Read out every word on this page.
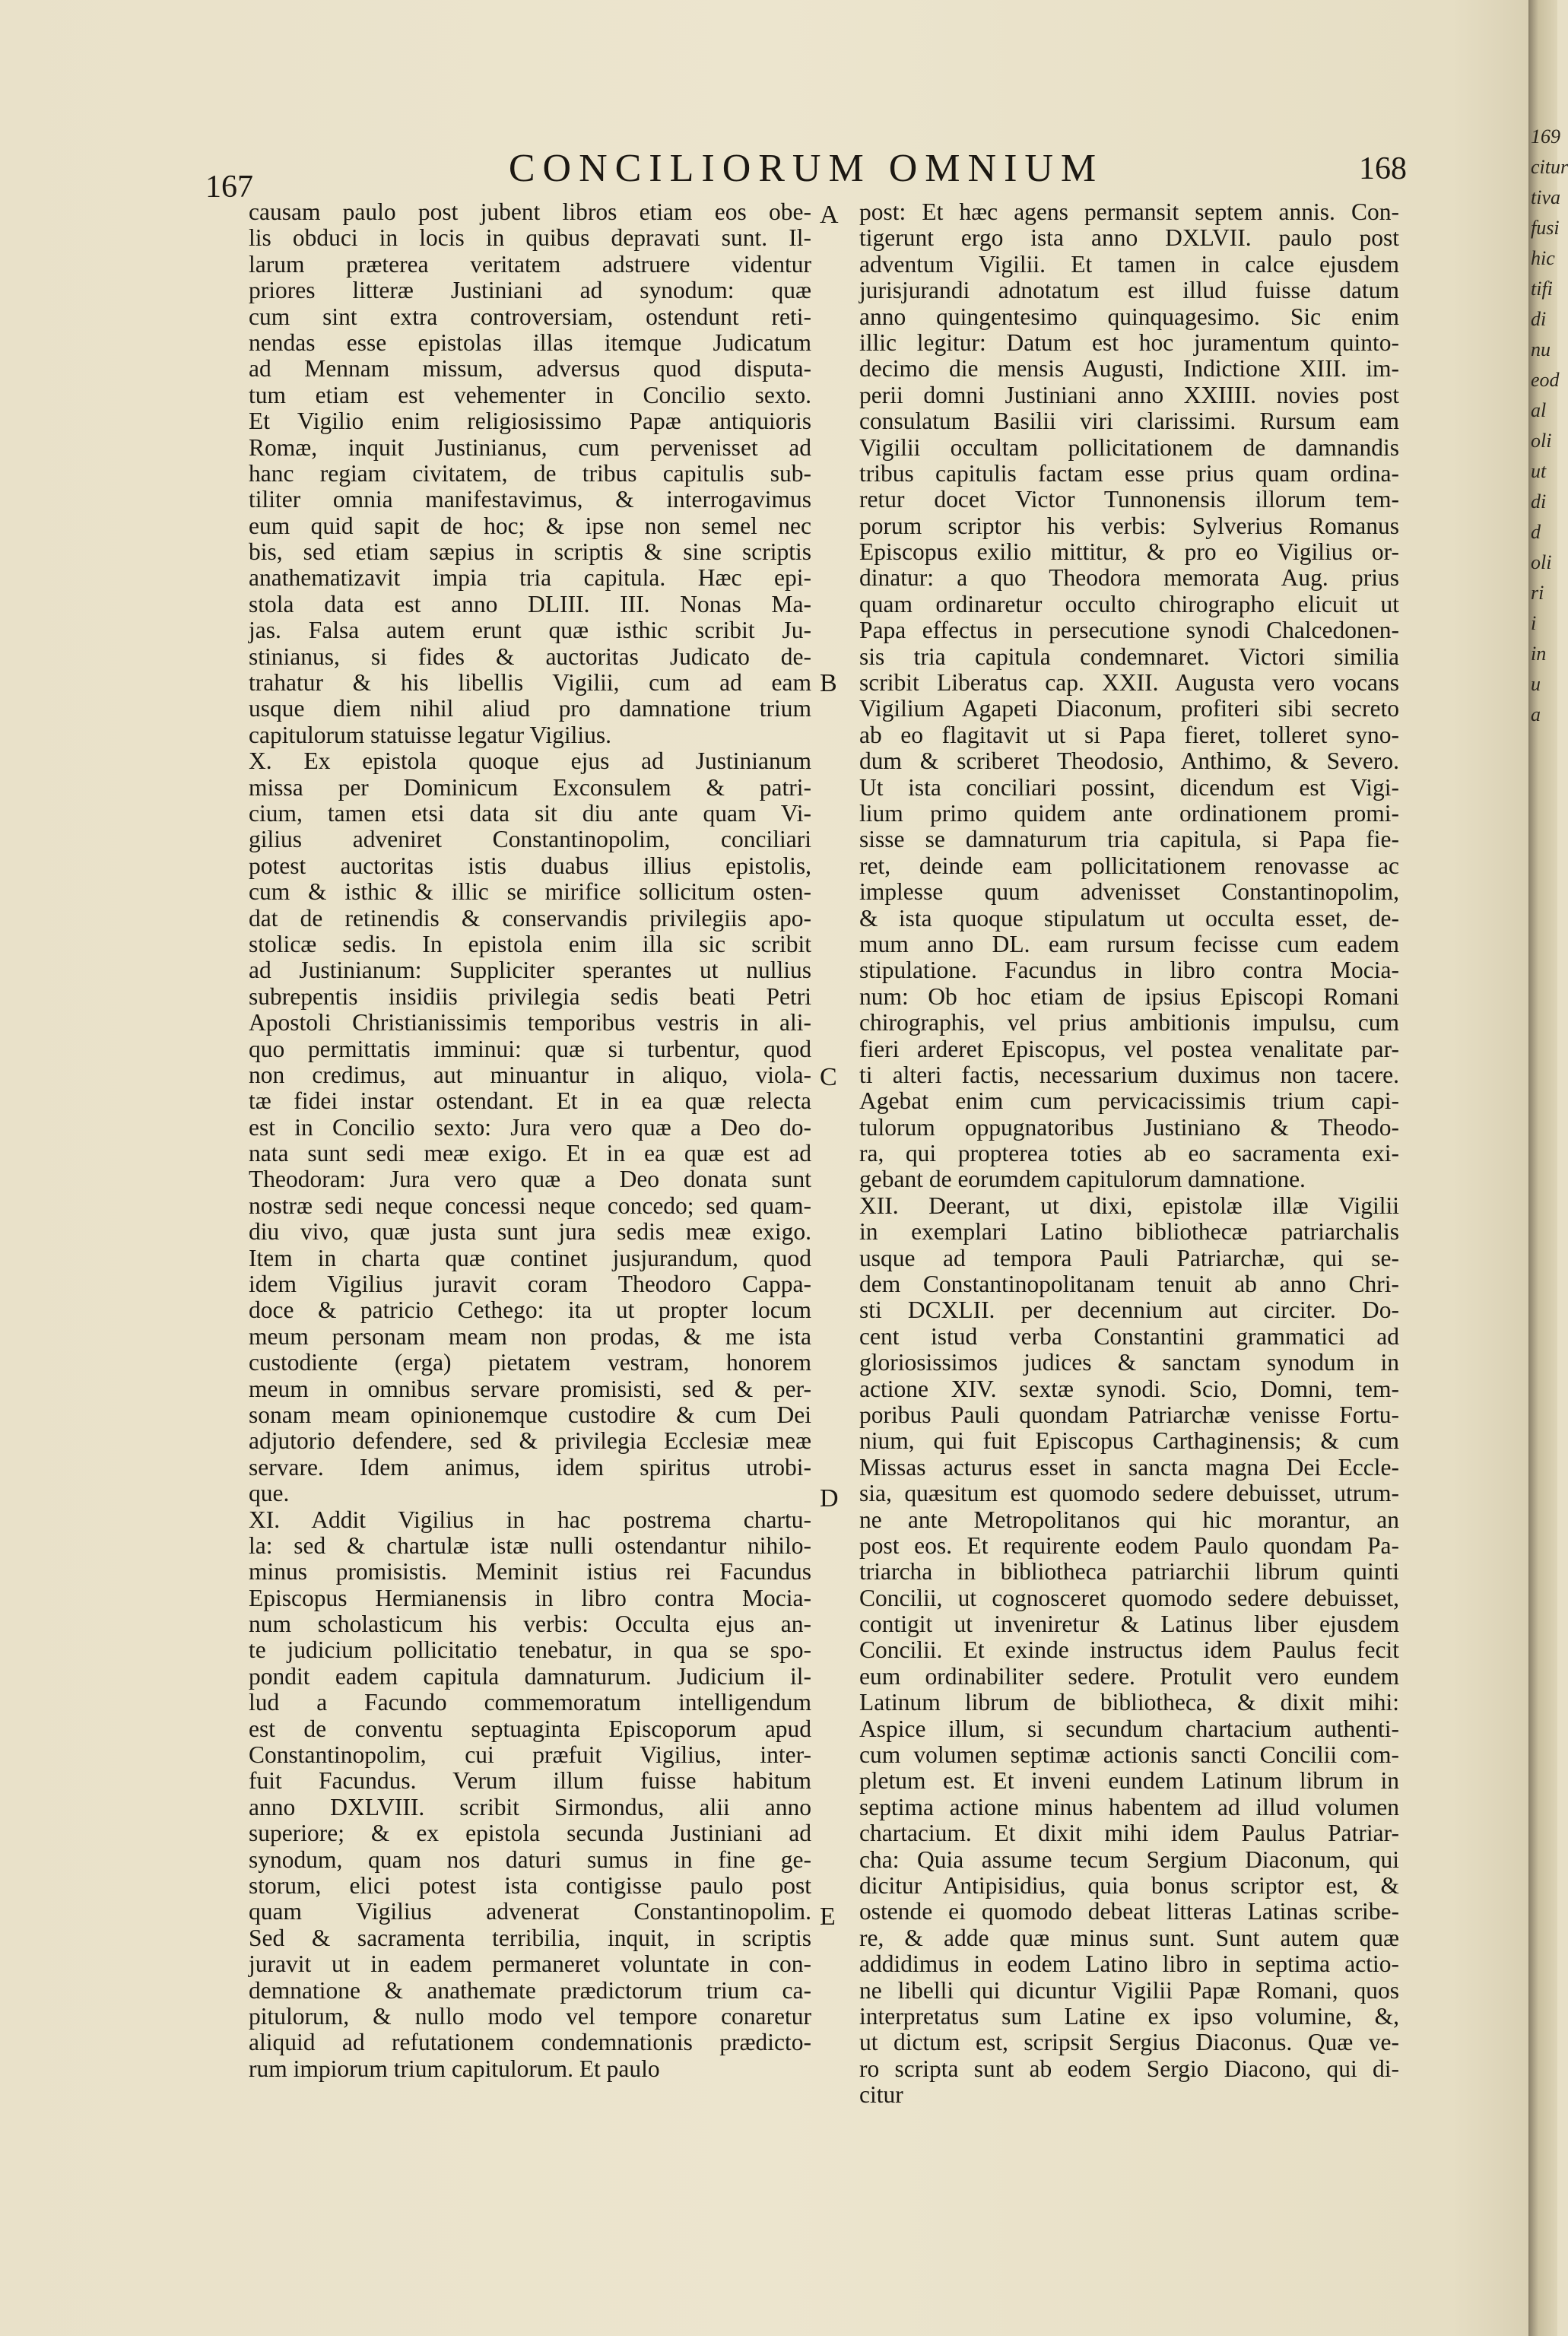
167	CONCILIORUM OMNIUM	168
causam paulo post jubent libros etiam eos obe-
lis obduci in locis in quibus depravati sunt. Il-
larum præterea veritatem adstruere videntur
priores litteræ Justiniani ad synodum: quæ
cum sint extra controversiam, ostendunt reti-
nendas esse epistolas illas itemque Judicatum
ad Mennam missum, adversus quod disputa-
tum etiam est vehementer in Concilio sexto.
Et Vigilio enim religiosissimo Papæ antiquioris
Romæ, inquit Justinianus, cum pervenisset ad
hanc regiam civitatem, de tribus capitulis sub-
tiliter omnia manifestavimus, & interrogavimus
eum quid sapit de hoc; & ipse non semel nec
bis, sed etiam sæpius in scriptis & sine scriptis
anathematizavit impia tria capitula. Hæc epi-
stola data est anno DLIII. III. Nonas Ma-
jas. Falsa autem erunt quæ isthic scribit Ju-
stinianus, si fides & auctoritas Judicato de-
trahatur & his libellis Vigilii, cum ad eam
usque diem nihil aliud pro damnatione trium
capitulorum statuisse legatur Vigilius.
X. Ex epistola quoque ejus ad Justinianum
missa per Dominicum Exconsulem & patri-
cium, tamen etsi data sit diu ante quam Vi-
gilius adveniret Constantinopolim, conciliari
potest auctoritas istis duabus illius epistolis,
cum & isthic & illic se mirifice sollicitum osten-
dat de retinendis & conservandis privilegiis apo-
stolicæ sedis. In epistola enim illa sic scribit
ad Justinianum: Suppliciter sperantes ut nullius
subrepentis insidiis privilegia sedis beati Petri
Apostoli Christianissimis temporibus vestris in ali-
quo permittatis imminui: quæ si turbentur, quod
non credimus, aut minuantur in aliquo, viola-
tæ fidei instar ostendant. Et in ea quæ relecta
est in Concilio sexto: Jura vero quæ a Deo do-
nata sunt sedi meæ exigo. Et in ea quæ est ad
Theodoram: Jura vero quæ a Deo donata sunt
nostræ sedi neque concessi neque concedo; sed quam-
diu vivo, quæ justa sunt jura sedis meæ exigo.
Item in charta quæ continet jusjurandum, quod
idem Vigilius juravit coram Theodoro Cappa-
doce & patricio Cethego: ita ut propter locum
meum personam meam non prodas, & me ista
custodiente (erga) pietatem vestram, honorem
meum in omnibus servare promisisti, sed & per-
sonam meam opinionemque custodire & cum Dei
adjutorio defendere, sed & privilegia Ecclesiæ meæ
servare. Idem animus, idem spiritus utrobi-
que.
XI. Addit Vigilius in hac postrema chartu-
la: sed & chartulæ istæ nulli ostendantur nihilo-
minus promisistis. Meminit istius rei Facundus
Episcopus Hermianensis in libro contra Mocia-
num scholasticum his verbis: Occulta ejus an-
te judicium pollicitatio tenebatur, in qua se spo-
pondit eadem capitula damnaturum. Judicium il-
lud a Facundo commemoratum intelligendum
est de conventu septuaginta Episcoporum apud
Constantinopolim, cui præfuit Vigilius, inter-
fuit Facundus. Verum illum fuisse habitum
anno DXLVIII. scribit Sirmondus, alii anno
superiore; & ex epistola secunda Justiniani ad
synodum, quam nos daturi sumus in fine ge-
storum, elici potest ista contigisse paulo post
quam Vigilius advenerat Constantinopolim.
Sed & sacramenta terribilia, inquit, in scriptis
juravit ut in eadem permaneret voluntate in con-
demnatione & anathemate prædictorum trium ca-
pitulorum, & nullo modo vel tempore conaretur
aliquid ad refutationem condemnationis prædicto-
rum impiorum trium capitulorum. Et paulo
post: Et hæc agens permansit septem annis. Con-
tigerunt ergo ista anno DXLVII. paulo post
adventum Vigilii. Et tamen in calce ejusdem
jurisjurandi adnotatum est illud fuisse datum
anno quingentesimo quinquagesimo. Sic enim
illic legitur: Datum est hoc juramentum quinto-
decimo die mensis Augusti, Indictione XIII. im-
perii domni Justiniani anno XXIIII. novies post
consulatum Basilii viri clarissimi. Rursum eam
Vigilii occultam pollicitationem de damnandis
tribus capitulis factam esse prius quam ordina-
retur docet Victor Tunnonensis illorum tem-
porum scriptor his verbis: Sylverius Romanus
Episcopus exilio mittitur, & pro eo Vigilius or-
dinatur: a quo Theodora memorata Aug. prius
quam ordinaretur occulto chirographo elicuit ut
Papa effectus in persecutione synodi Chalcedonen-
sis tria capitula condemnaret. Victori similia
scribit Liberatus cap. XXII. Augusta vero vocans
Vigilium Agapeti Diaconum, profiteri sibi secreto
ab eo flagitavit ut si Papa fieret, tolleret syno-
dum & scriberet Theodosio, Anthimo, & Severo.
Ut ista conciliari possint, dicendum est Vigi-
lium primo quidem ante ordinationem promi-
sisse se damnaturum tria capitula, si Papa fie-
ret, deinde eam pollicitationem renovasse ac
implesse quum advenisset Constantinopolim,
& ista quoque stipulatum ut occulta esset, de-
mum anno DL. eam rursum fecisse cum eadem
stipulatione. Facundus in libro contra Mocia-
num: Ob hoc etiam de ipsius Episcopi Romani
chirographis, vel prius ambitionis impulsu, cum
fieri arderet Episcopus, vel postea venalitate par-
ti alteri factis, necessarium duximus non tacere.
Agebat enim cum pervicacissimis trium capi-
tulorum oppugnatoribus Justiniano & Theodo-
ra, qui propterea toties ab eo sacramenta exi-
gebant de eorumdem capitulorum damnatione.
XII. Deerant, ut dixi, epistolæ illæ Vigilii
in exemplari Latino bibliothecæ patriarchalis
usque ad tempora Pauli Patriarchæ, qui se-
dem Constantinopolitanam tenuit ab anno Chri-
sti DCXLII. per decennium aut circiter. Do-
cent istud verba Constantini grammatici ad
gloriosissimos judices & sanctam synodum in
actione XIV. sextæ synodi. Scio, Domni, tem-
poribus Pauli quondam Patriarchæ venisse Fortu-
nium, qui fuit Episcopus Carthaginensis; & cum
Missas acturus esset in sancta magna Dei Eccle-
sia, quæsitum est quomodo sedere debuisset, utrum-
ne ante Metropolitanos qui hic morantur, an
post eos. Et requirente eodem Paulo quondam Pa-
triarcha in bibliotheca patriarchii librum quinti
Concilii, ut cognosceret quomodo sedere debuisset,
contigit ut inveniretur & Latinus liber ejusdem
Concilii. Et exinde instructus idem Paulus fecit
eum ordinabiliter sedere. Protulit vero eundem
Latinum librum de bibliotheca, & dixit mihi:
Aspice illum, si secundum chartacium authenti-
cum volumen septimæ actionis sancti Concilii com-
pletum est. Et inveni eundem Latinum librum in
septima actione minus habentem ad illud volumen
chartacium. Et dixit mihi idem Paulus Patriar-
cha: Quia assume tecum Sergium Diaconum, qui
dicitur Antipisidius, quia bonus scriptor est, &
ostende ei quomodo debeat litteras Latinas scribe-
re, & adde quæ minus sunt. Sunt autem quæ
addidimus in eodem Latino libro in septima actio-
ne libelli qui dicuntur Vigilii Papæ Romani, quos
interpretatus sum Latine ex ipso volumine, &,
ut dictum est, scripsit Sergius Diaconus. Quæ ve-
ro scripta sunt ab eodem Sergio Diacono, qui di-
citur
A
B
C
D
E
169
citur
tiva
fusi
hic
tifi
di
nu
eod
al
oli
ut
di
d
oli
ri
i
in
u
a
